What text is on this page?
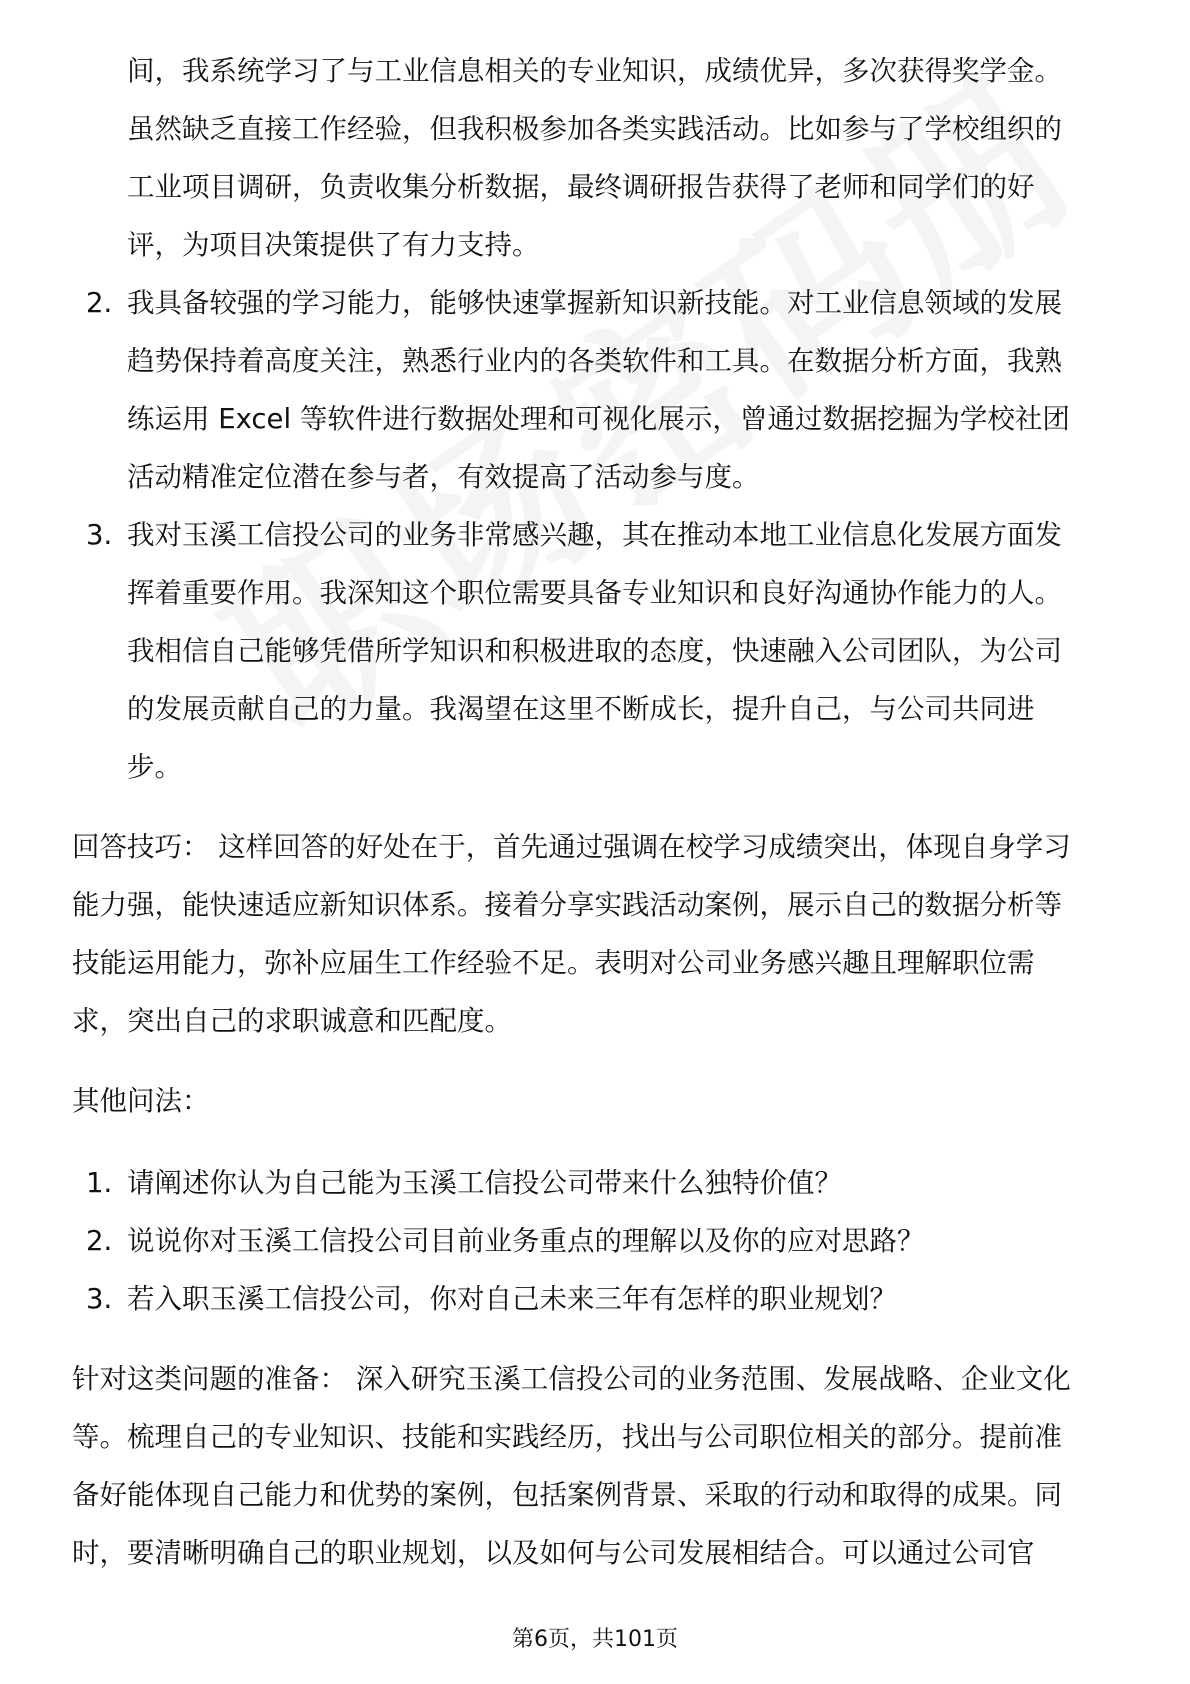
间，我系统学习了与工业信息相关的专业知识，成绩优异，多次获得奖学金。
虽然缺乏直接工作经验，但我积极参加各类实践活动。比如参与了学校组织的
工业项目调研，负责收集分析数据，最终调研报告获得了老师和同学们的好
评，为项目决策提供了有力支持。
2. 我具备较强的学习能力，能够快速掌握新知识新技能。对工业信息领域的发展
趋势保持着高度关注，熟悉行业内的各类软件和工具。在数据分析方面，我熟
练运用 Excel 等软件进行数据处理和可视化展示，曾通过数据挖掘为学校社团
活动精准定位潜在参与者，有效提高了活动参与度。
3. 我对玉溪工信投公司的业务非常感兴趣，其在推动本地工业信息化发展方面发
挥着重要作用。我深知这个职位需要具备专业知识和良好沟通协作能力的人。
我相信自己能够凭借所学知识和积极进取的态度，快速融入公司团队，为公司
的发展贡献自己的力量。我渴望在这里不断成长，提升自己，与公司共同进
步。
回答技巧： 这样回答的好处在于，首先通过强调在校学习成绩突出，体现自身学习
能力强，能快速适应新知识体系。接着分享实践活动案例，展示自己的数据分析等
技能运用能力，弥补应届生工作经验不足。表明对公司业务感兴趣且理解职位需
求，突出自己的求职诚意和匹配度。
其他问法：
1. 请阐述你认为自己能为玉溪工信投公司带来什么独特价值？
2. 说说你对玉溪工信投公司目前业务重点的理解以及你的应对思路？
3. 若入职玉溪工信投公司，你对自己未来三年有怎样的职业规划？
针对这类问题的准备： 深入研究玉溪工信投公司的业务范围、发展战略、企业文化
等。梳理自己的专业知识、技能和实践经历，找出与公司职位相关的部分。提前准
备好能体现自己能力和优势的案例，包括案例背景、采取的行动和取得的成果。同
时，要清晰明确自己的职业规划，以及如何与公司发展相结合。可以通过公司官
第6页，共101页
